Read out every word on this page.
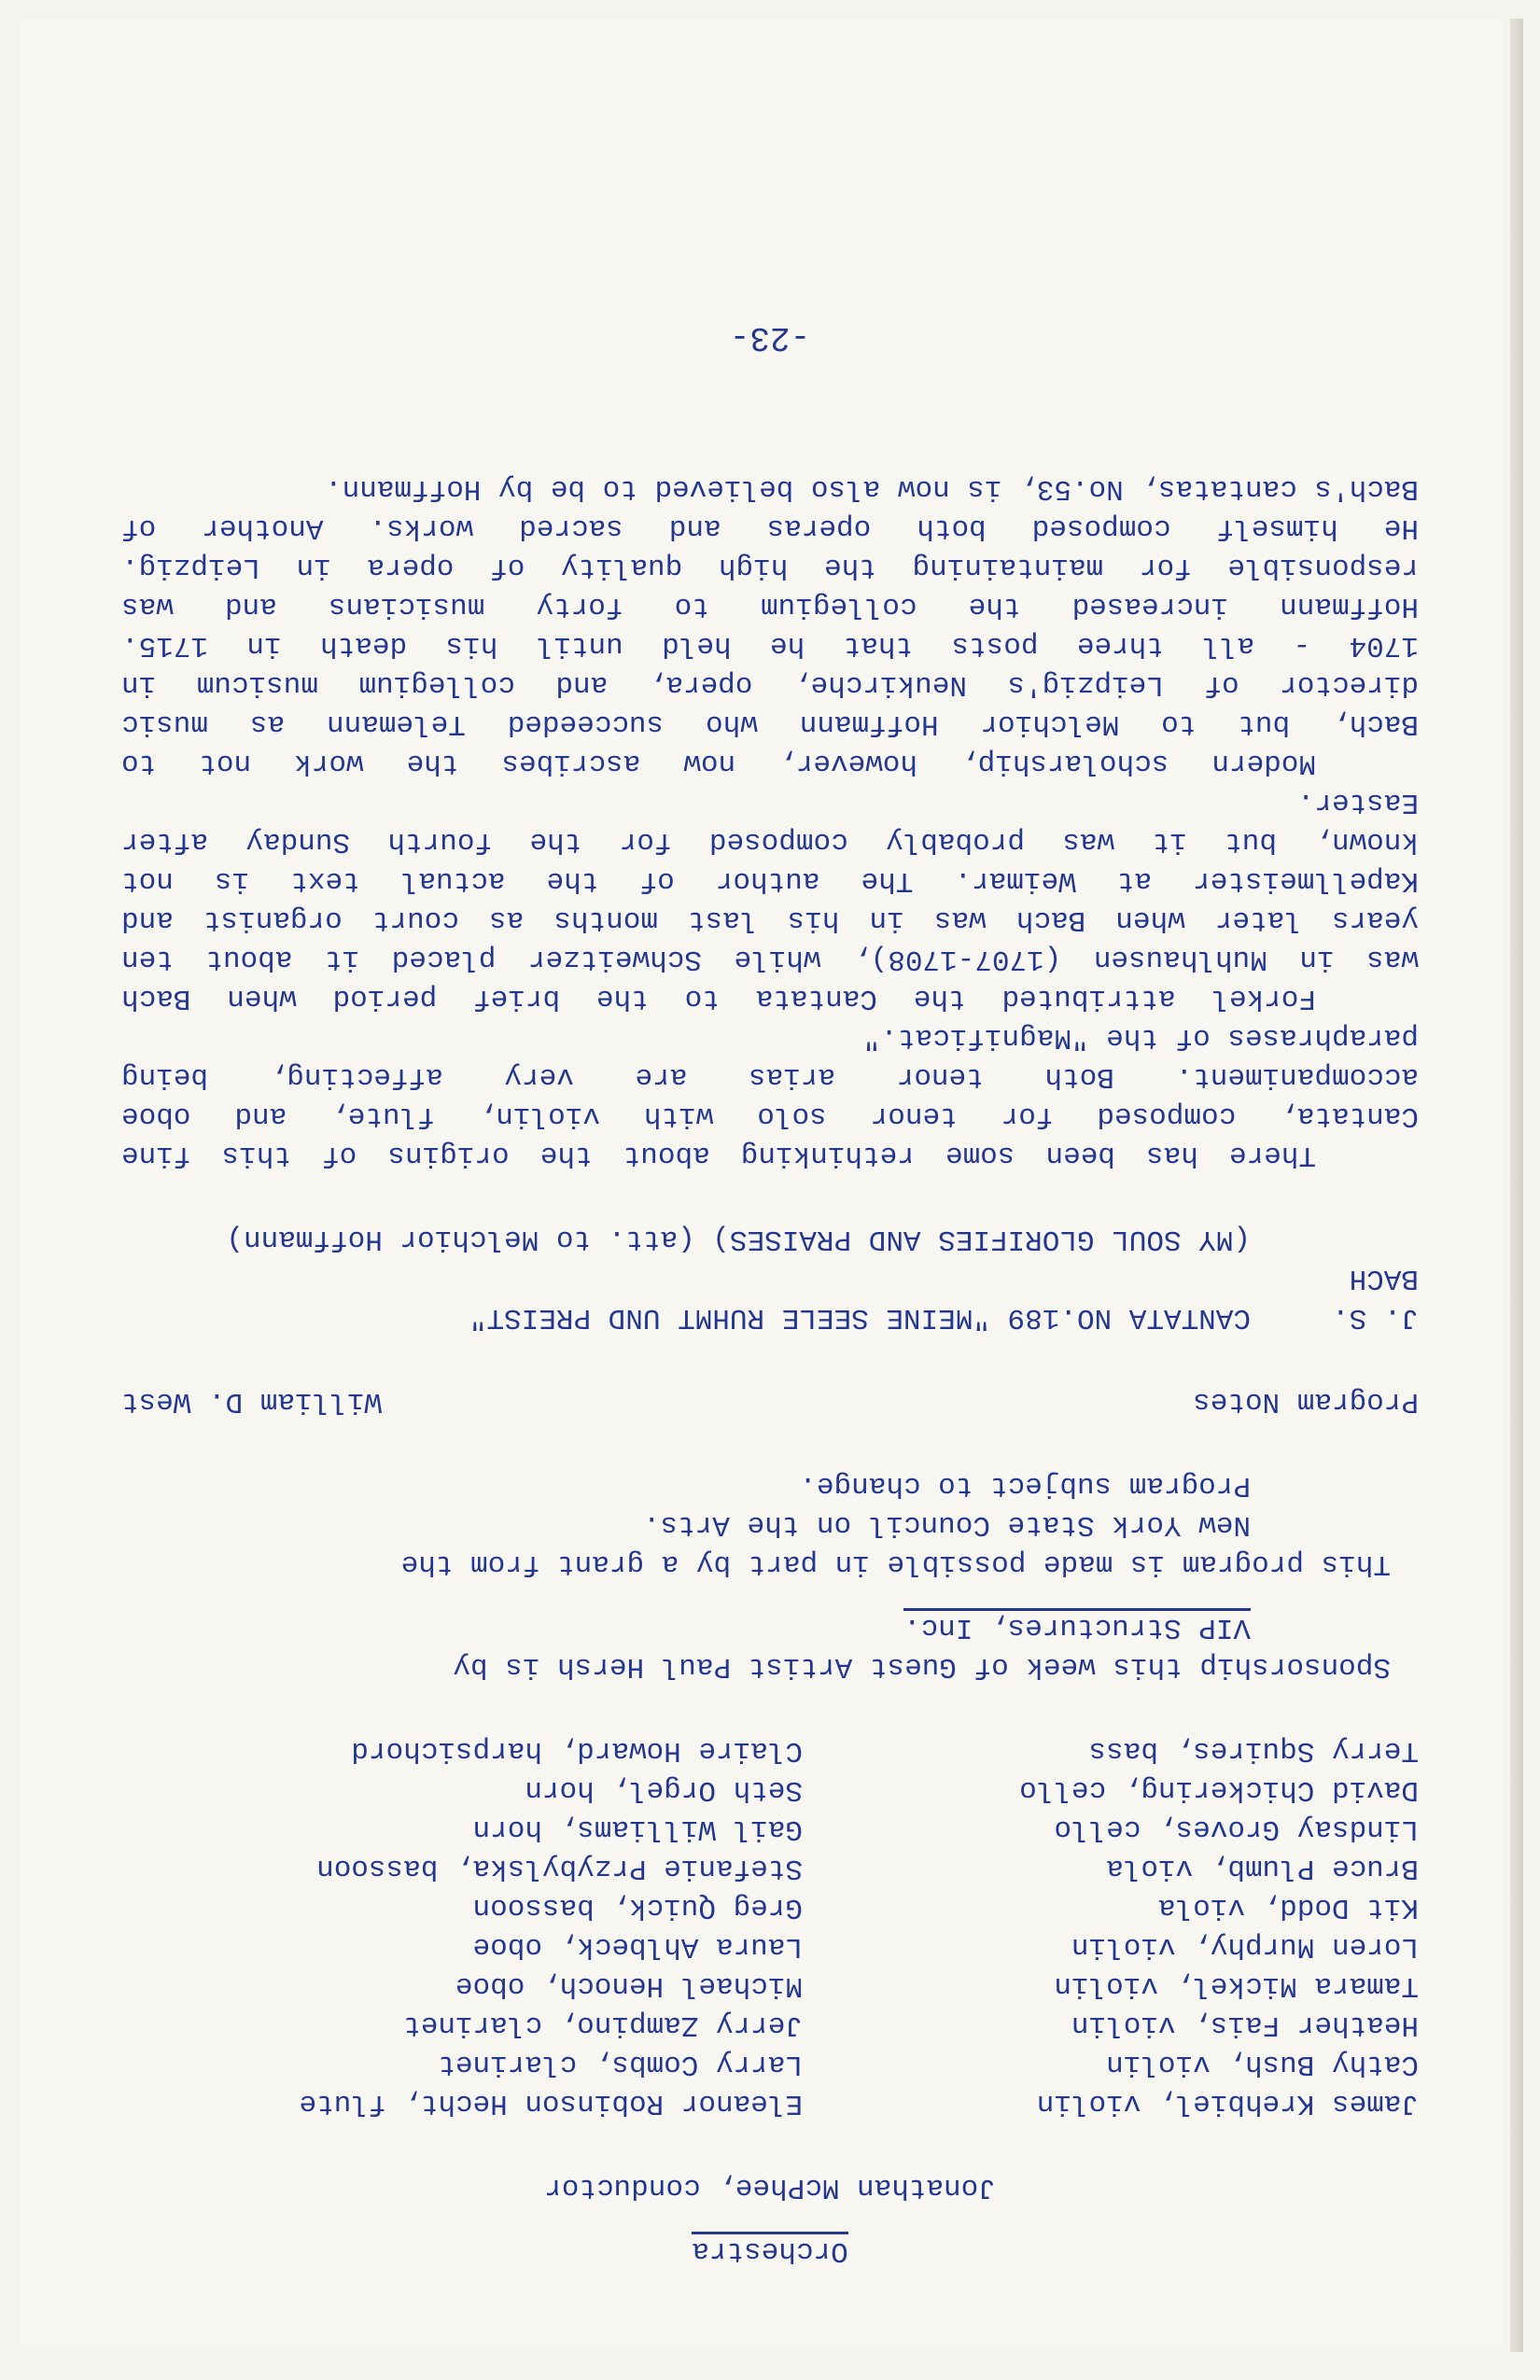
Orchestra
Jonathan McPhee, conductor
James Krehbiel, violin
Eleanor Robinson Hecht, flute
Cathy Bush, violin
Larry Combs, clarinet
Heather Fais, violin
Jerry Zampino, clarinet
Tamara Mickel, violin
Michael Henoch, oboe
Loren Murphy, violin
Laura Ahlbeck, oboe
Kit Dodd, viola
Greg Quick, bassoon
Bruce Plumb, viola
Stefanie Przybylska, bassoon
Lindsay Groves, cello
Gail Williams, horn
David Chickering, cello
Seth Orgel, horn
Terry Squires, bass
Claire Howard, harpsichord
Sponsorship this week of Guest Artist Paul Hersh is by
VIP Structures, Inc.
This program is made possible in part by a grant from the
New York State Council on the Arts.
Program subject to change.
Program Notes
William D. West
J. S. BACH
CANTATA NO.189 "MEINE SEELE RUHMT UND PREIST"
(MY SOUL GLORIFIES AND PRAISES) (att. to Melchior Hoffmann)
There has been some rethinking about the origins of this fine
Cantata, composed for tenor solo with violin, flute, and oboe
accompaniment. Both tenor arias are very affecting, being
paraphrases of the "Magnificat."
Forkel attributed the Cantata to the brief period when Bach
was in Muhlhausen (1707-1708), while Schweitzer placed it about ten
years later when Bach was in his last months as court organist and
Kapellmeister at Weimar. The author of the actual text is not
known, but it was probably composed for the fourth Sunday after
Easter.
Modern scholarship, however, now ascribes the work not to
Bach, but to Melchior Hoffmann who succeeded Telemann as music
director of Leipzig's Neukirche, opera, and collegium musicum in
1704 - all three posts that he held until his death in 1715.
Hoffmann increased the collegium to forty musicians and was
responsible for maintaining the high quality of opera in Leipzig.
He himself composed both operas and sacred works. Another of
Bach's cantatas, No.53, is now also believed to be by Hoffmann.
-23-
